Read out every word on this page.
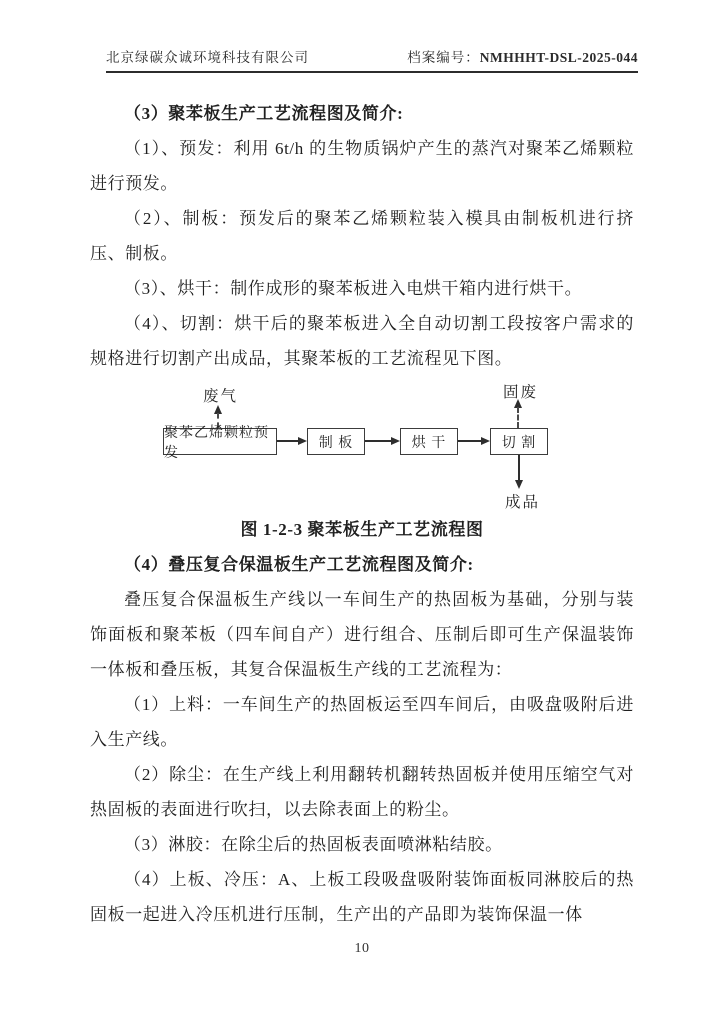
北京绿碳众诚环境科技有限公司	档案编号：NMHHHT-DSL-2025-044

（3）聚苯板生产工艺流程图及简介:

（1）、预发：利用 6t/h 的生物质锅炉产生的蒸汽对聚苯乙烯颗粒进行预发。

（2）、制板：预发后的聚苯乙烯颗粒装入模具由制板机进行挤压、制板。

（3）、烘干：制作成形的聚苯板进入电烘干箱内进行烘干。

（4）、切割：烘干后的聚苯板进入全自动切割工段按客户需求的规格进行切割产出成品，其聚苯板的工艺流程见下图。

废气	固废
成品
聚苯乙烯颗粒预发
制 板	烘 干	切 割

图 1-2-3 聚苯板生产工艺流程图

（4）叠压复合保温板生产工艺流程图及简介:

叠压复合保温板生产线以一车间生产的热固板为基础，分别与装饰面板和聚苯板（四车间自产）进行组合、压制后即可生产保温装饰一体板和叠压板，其复合保温板生产线的工艺流程为：

（1）上料：一车间生产的热固板运至四车间后，由吸盘吸附后进入生产线。

（2）除尘：在生产线上利用翻转机翻转热固板并使用压缩空气对热固板的表面进行吹扫，以去除表面上的粉尘。

（3）淋胶：在除尘后的热固板表面喷淋粘结胶。

（4）上板、冷压：A、上板工段吸盘吸附装饰面板同淋胶后的热固板一起进入冷压机进行压制，生产出的产品即为装饰保温一体

10
